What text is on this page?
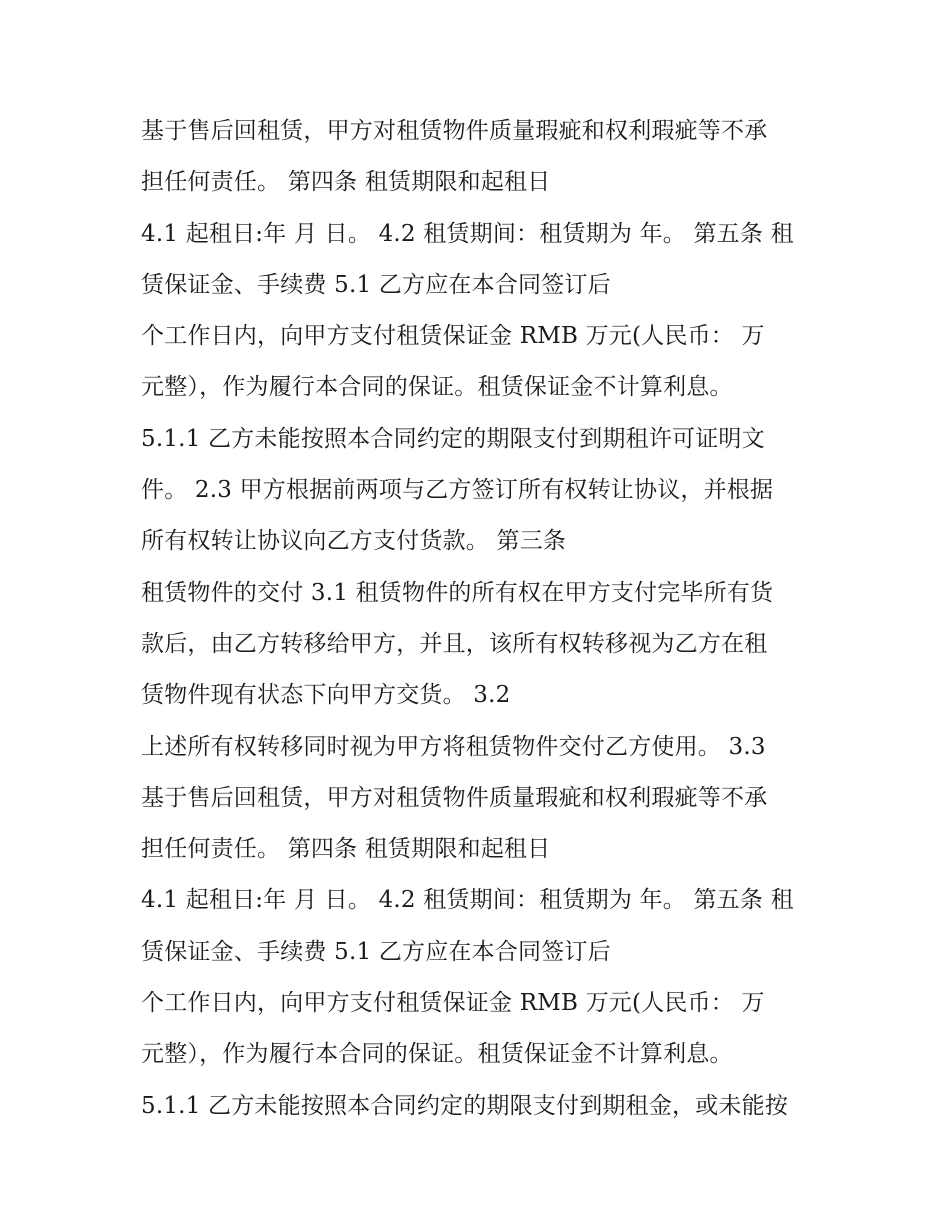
基于售后回租赁，甲方对租赁物件质量瑕疵和权利瑕疵等不承
担任何责任。 第四条 租赁期限和起租日
4.1 起租日:年 月 日。 4.2 租赁期间：租赁期为 年。 第五条 租
赁保证金、手续费 5.1 乙方应在本合同签订后
个工作日内，向甲方支付租赁保证金 RMB 万元(人民币： 万
元整），作为履行本合同的保证。租赁保证金不计算利息。
5.1.1 乙方未能按照本合同约定的期限支付到期租许可证明文
件。 2.3 甲方根据前两项与乙方签订所有权转让协议，并根据
所有权转让协议向乙方支付货款。 第三条
租赁物件的交付 3.1 租赁物件的所有权在甲方支付完毕所有货
款后，由乙方转移给甲方，并且，该所有权转移视为乙方在租
赁物件现有状态下向甲方交货。 3.2
上述所有权转移同时视为甲方将租赁物件交付乙方使用。 3.3
基于售后回租赁，甲方对租赁物件质量瑕疵和权利瑕疵等不承
担任何责任。 第四条 租赁期限和起租日
4.1 起租日:年 月 日。 4.2 租赁期间：租赁期为 年。 第五条 租
赁保证金、手续费 5.1 乙方应在本合同签订后
个工作日内，向甲方支付租赁保证金 RMB 万元(人民币： 万
元整），作为履行本合同的保证。租赁保证金不计算利息。
5.1.1 乙方未能按照本合同约定的期限支付到期租金，或未能按
